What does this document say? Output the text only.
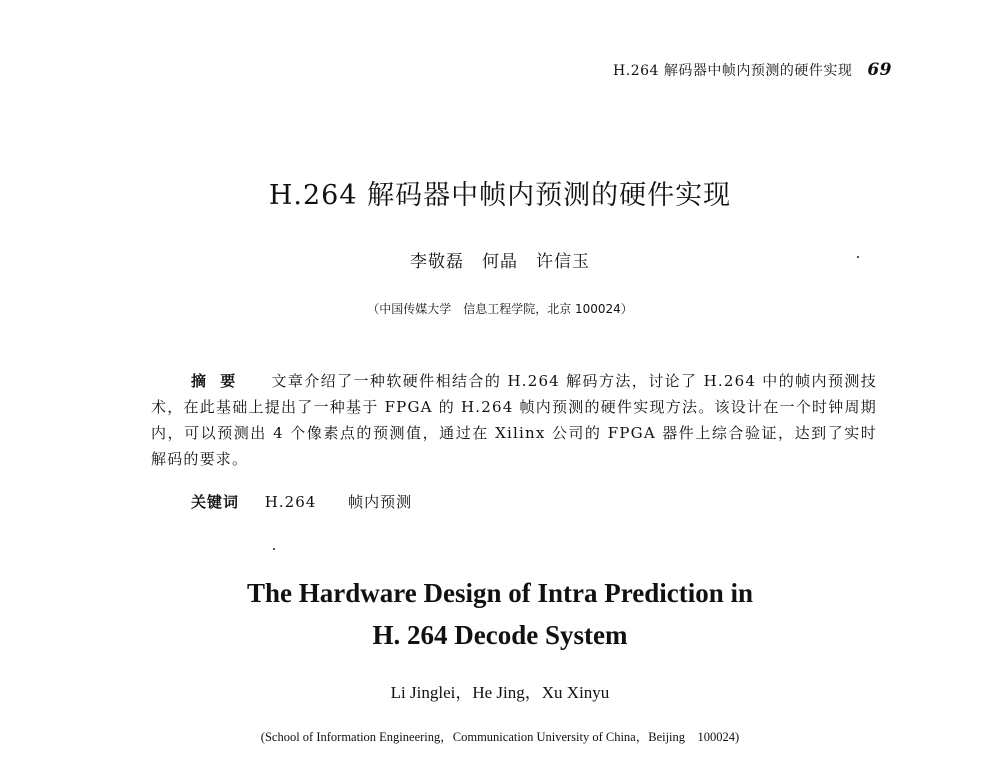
H.264 解码器中帧内预测的硬件实现 69
H.264 解码器中帧内预测的硬件实现
李敬磊　何晶　许信玉
（中国传媒大学　信息工程学院，北京 100024）
摘要 文章介绍了一种软硬件相结合的 H.264 解码方法，讨论了 H.264 中的帧内预测技术，在此基础上提出了一种基于 FPGA 的 H.264 帧内预测的硬件实现方法。该设计在一个时钟周期内，可以预测出 4 个像素点的预测值，通过在 Xilinx 公司的 FPGA 器件上综合验证，达到了实时解码的要求。
关键词 H.264 帧内预测
The Hardware Design of Intra Prediction in
H. 264 Decode System
Li Jinglei，He Jing，Xu Xinyu
(School of Information Engineering，Communication University of China，Beijing　100024)
